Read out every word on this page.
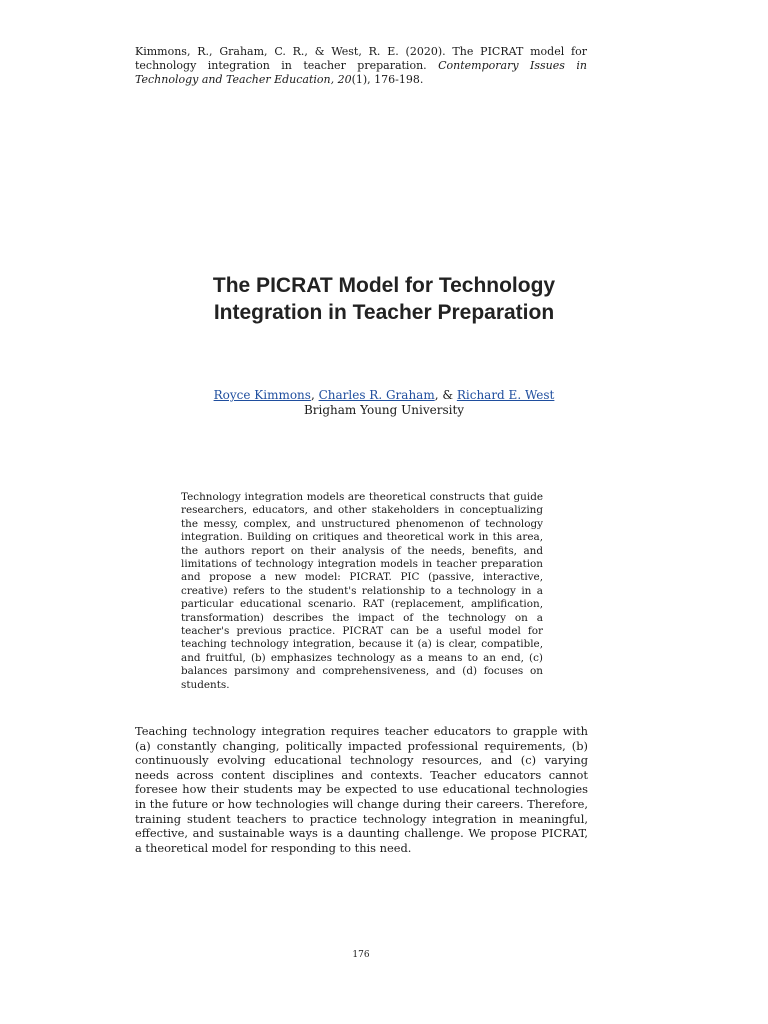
Kimmons, R., Graham, C. R., & West, R. E. (2020). The PICRAT model for technology integration in teacher preparation. Contemporary Issues in Technology and Teacher Education, 20(1), 176-198.
The PICRAT Model for Technology
Integration in Teacher Preparation
Royce Kimmons, Charles R. Graham, & Richard E. West
Brigham Young University
Technology integration models are theoretical constructs that guide researchers, educators, and other stakeholders in conceptualizing the messy, complex, and unstructured phenomenon of technology integration. Building on critiques and theoretical work in this area, the authors report on their analysis of the needs, benefits, and limitations of technology integration models in teacher preparation and propose a new model: PICRAT. PIC (passive, interactive, creative) refers to the student's relationship to a technology in a particular educational scenario. RAT (replacement, amplification, transformation) describes the impact of the technology on a teacher's previous practice. PICRAT can be a useful model for teaching technology integration, because it (a) is clear, compatible, and fruitful, (b) emphasizes technology as a means to an end, (c) balances parsimony and comprehensiveness, and (d) focuses on students.
Teaching technology integration requires teacher educators to grapple with (a) constantly changing, politically impacted professional requirements, (b) continuously evolving educational technology resources, and (c) varying needs across content disciplines and contexts. Teacher educators cannot foresee how their students may be expected to use educational technologies in the future or how technologies will change during their careers. Therefore, training student teachers to practice technology integration in meaningful, effective, and sustainable ways is a daunting challenge. We propose PICRAT, a theoretical model for responding to this need.
176
